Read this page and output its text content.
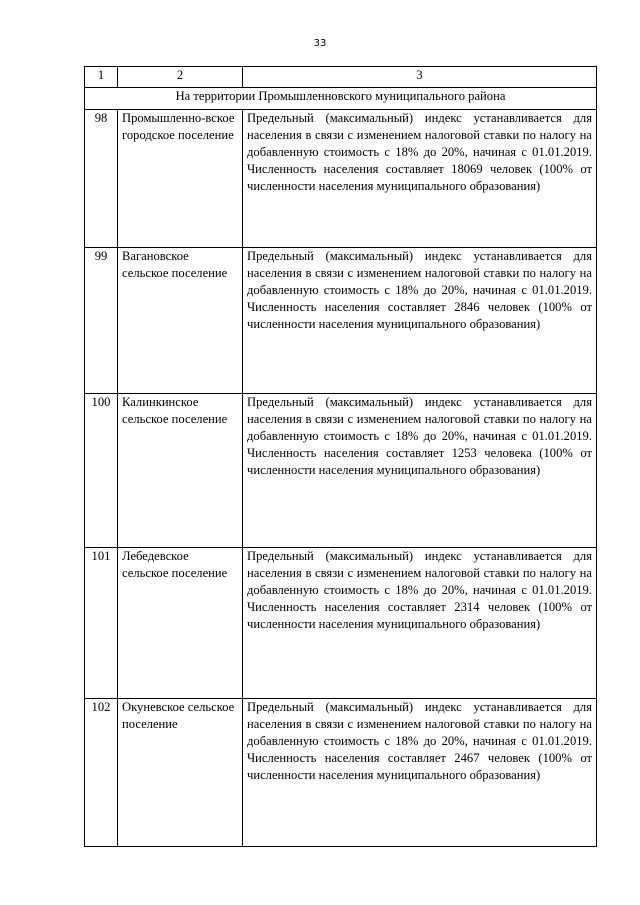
33
1	2	3
На территории Промышленновского муниципального района		
98	Промышленно-вское городское поселение	Предельный (максимальный) индекс устанавливается для населения в связи с изменением налоговой ставки по налогу на добавленную стоимость с 18% до 20%, начиная с 01.01.2019. Численность населения составляет 18069 человек (100% от численности населения муниципального образования)
99	Вагановское сельское поселение	Предельный (максимальный) индекс устанавливается для населения в связи с изменением налоговой ставки по налогу на добавленную стоимость с 18% до 20%, начиная с 01.01.2019. Численность населения составляет 2846 человек (100% от численности населения муниципального образования)
100	Калинкинское сельское поселение	Предельный (максимальный) индекс устанавливается для населения в связи с изменением налоговой ставки по налогу на добавленную стоимость с 18% до 20%, начиная с 01.01.2019. Численность населения составляет 1253 человека (100% от численности населения муниципального образования)
101	Лебедевское сельское поселение	Предельный (максимальный) индекс устанавливается для населения в связи с изменением налоговой ставки по налогу на добавленную стоимость с 18% до 20%, начиная с 01.01.2019. Численность населения составляет 2314 человек (100% от численности населения муниципального образования)
102	Окуневское сельское поселение	Предельный (максимальный) индекс устанавливается для населения в связи с изменением налоговой ставки по налогу на добавленную стоимость с 18% до 20%, начиная с 01.01.2019. Численность населения составляет 2467 человек (100% от численности населения муниципального образования)
